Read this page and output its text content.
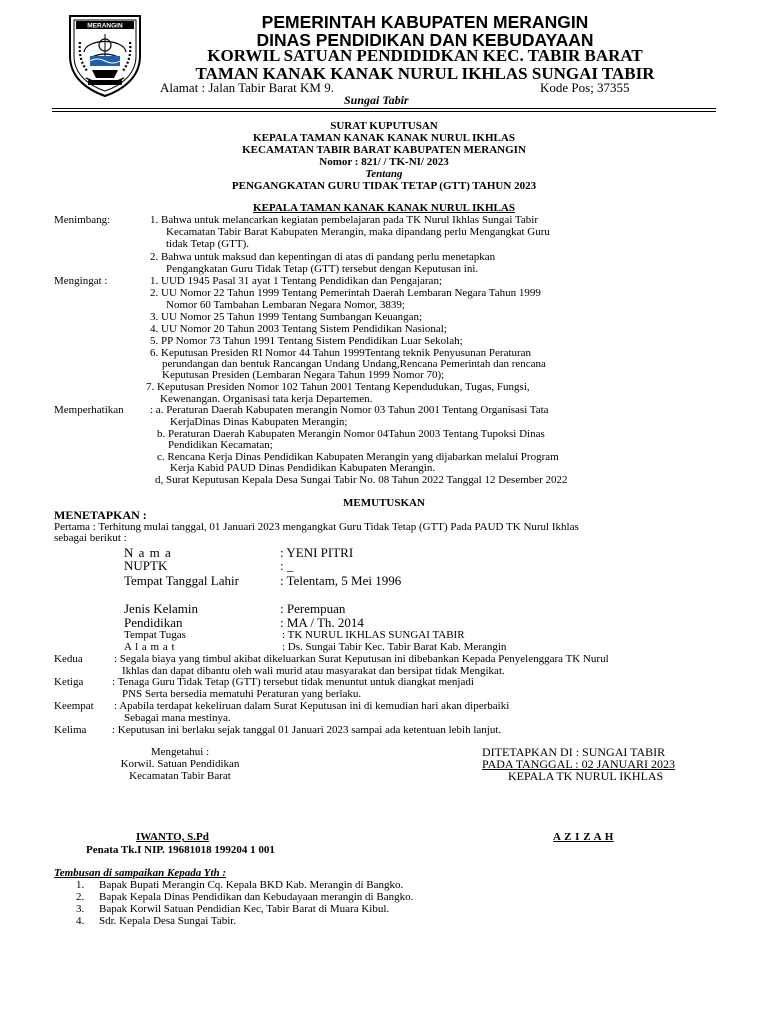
MERANGIN	PEMERINTAH KABUPATEN MERANGIN
DINAS PENDIDIKAN DAN KEBUDAYAAN
KORWIL SATUAN PENDIDIDKAN KEC. TABIR BARAT
TAMAN KANAK KANAK NURUL IKHLAS SUNGAI TABIR
Alamat : Jalan Tabir Barat KM 9.	Kode Pos; 37355
Sungai Tabir
SURAT KUPUTUSAN
KEPALA TAMAN KANAK KANAK NURUL IKHLAS
KECAMATAN TABIR BARAT KABUPATEN MERANGIN
Nomor : 821/ / TK-NI/ 2023
Tentang
PENGANGKATAN GURU TIDAK TETAP (GTT) TAHUN 2023
KEPALA TAMAN KANAK KANAK NURUL IKHLAS
Menimbang:	1. Bahwa untuk melancarkan kegiatan pembelajaran pada TK Nurul Ikhlas Sungai Tabir
Kecamatan Tabir Barat Kabupaten Merangin, maka dipandang perlu Mengangkat Guru
tidak Tetap (GTT).
2. Bahwa untuk maksud dan kepentingan di atas di pandang perlu menetapkan
Pengangkatan Guru Tidak Tetap (GTT) tersebut dengan Keputusan ini.
Mengingat :	1. UUD 1945 Pasal 31 ayat 1 Tentang Pendidikan dan Pengajaran;
2. UU Nomor 22 Tahun 1999 Tentang Pemerintah Daerah Lembaran Negara Tahun 1999
Nomor 60 Tambahan Lembaran Negara Nomor, 3839;
3. UU Nomor 25 Tahun 1999 Tentang Sumbangan Keuangan;
4. UU Nomor 20 Tahun 2003 Tentang Sistem Pendidikan Nasional;
5. PP Nomor 73 Tahun 1991 Tentang Sistem Pendidikan Luar Sekolah;
6. Keputusan Presiden RI Nomor 44 Tahun 1999Tentang teknik Penyusunan Peraturan
perundangan dan bentuk Rancangan Undang Undang,Rencana Pemerintah dan rencana
Keputusan Presiden (Lembaran Negara Tahun 1999 Nomor 70);
7. Keputusan Presiden Nomor 102 Tahun 2001 Tentang Kependudukan, Tugas, Fungsi,
Kewenangan. Organisasi tata kerja Departemen.
Memperhatikan : a. Peraturan Daerah Kabupaten merangin Nomor 03 Tahun 2001 Tentang Organisasi Tata
KerjaDinas Dinas Kabupaten Merangin;
b. Peraturan Daerah Kabupaten Merangin Nomor 04Tahun 2003 Tentang Tupoksi Dinas
Pendidikan Kecamatan;
c. Rencana Kerja Dinas Pendidikan Kabupaten Merangin yang dijabarkan melalui Program
Kerja Kabid PAUD Dinas Pendidikan Kabupaten Merangin.
d, Surat Keputusan Kepala Desa Sungai Tabir No. 08 Tahun 2022 Tanggal 12 Desember 2022
MEMUTUSKAN
MENETAPKAN :
Pertama : Terhitung mulai tanggal, 01 Januari 2023 mengangkat Guru Tidak Tetap (GTT) Pada PAUD TK Nurul Ikhlas
sebagai berikut :
N a m a	: YENI PITRI
NUPTK	: _
Tempat Tanggal Lahir	: Telentam, 5 Mei 1996
Jenis Kelamin	: Perempuan
Pendidikan	: MA / Th. 2014
Tempat Tugas	: TK NURUL IKHLAS SUNGAI TABIR
A l a m a t	: Ds. Sungai Tabir Kec. Tabir Barat Kab. Merangin
Kedua	: Segala biaya yang timbul akibat dikeluarkan Surat Keputusan ini dibebankan Kepada Penyelenggara TK Nurul
Ikhlas dan dapat dibantu oleh wali murid atau masyarakat dan bersipat tidak Mengikat.
Ketiga	: Tenaga Guru Tidak Tetap (GTT) tersebut tidak menuntut untuk diangkat menjadi
PNS Serta bersedia mematuhi Peraturan yang berlaku.
Keempat : Apabila terdapat kekeliruan dalam Surat Keputusan ini di kemudian hari akan diperbaiki
Sebagai mana mestinya.
Kelima : Keputusan ini berlaku sejak tanggal 01 Januari 2023 sampai ada ketentuan lebih lanjut.
Mengetahui :
Korwil. Satuan Pendidikan
Kecamatan Tabir Barat
IWANTO, S.Pd
Penata Tk.I NIP. 19681018 199204 1 001
DITETAPKAN DI : SUNGAI TABIR
PADA TANGGAL : 02 JANUARI 2023
KEPALA TK NURUL IKHLAS
A Z I Z A H
Tembusan di sampaikan Kepada Yth :
1. Bapak Bupati Merangin Cq. Kepala BKD Kab. Merangin di Bangko.
2. Bapak Kepala Dinas Pendidikan dan Kebudayaan merangin di Bangko.
3. Bapak Korwil Satuan Pendidian Kec, Tabir Barat di Muara Kibul.
4. Sdr. Kepala Desa Sungai Tabir.
